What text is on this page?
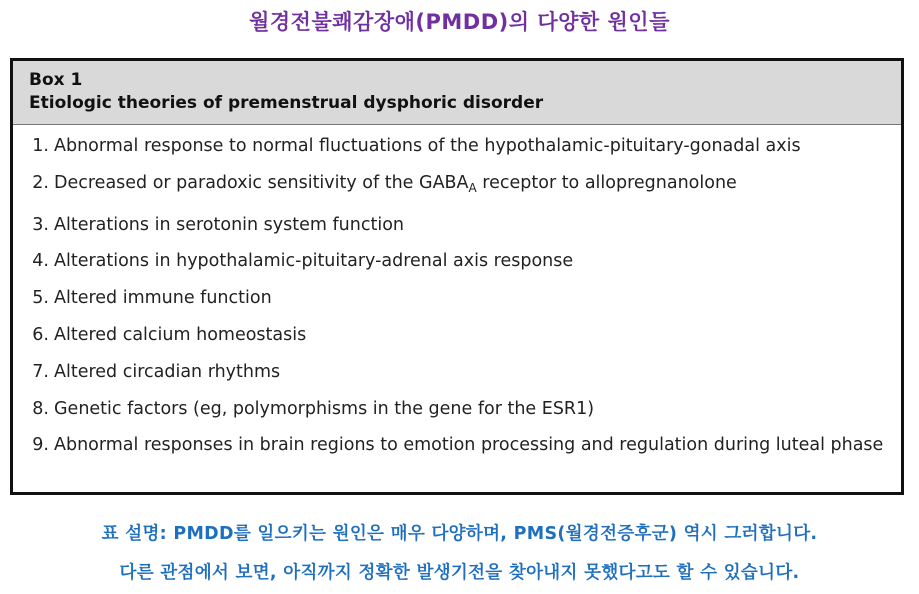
월경전불쾌감장애(PMDD)의 다양한 원인들
Box 1
Etiologic theories of premenstrual dysphoric disorder
1. Abnormal response to normal fluctuations of the hypothalamic-pituitary-gonadal axis
2. Decreased or paradoxic sensitivity of the $GABA_A$ receptor to allopregnanolone
3. Alterations in serotonin system function
4. Alterations in hypothalamic-pituitary-adrenal axis response
5. Altered immune function
6. Altered calcium homeostasis
7. Altered circadian rhythms
8. Genetic factors (eg, polymorphisms in the gene for the ESR1)
9. Abnormal responses in brain regions to emotion processing and regulation during luteal phase
표 설명: PMDD를 일으키는 원인은 매우 다양하며, PMS(월경전증후군) 역시 그러합니다.
다른 관점에서 보면, 아직까지 정확한 발생기전을 찾아내지 못했다고도 할 수 있습니다.
